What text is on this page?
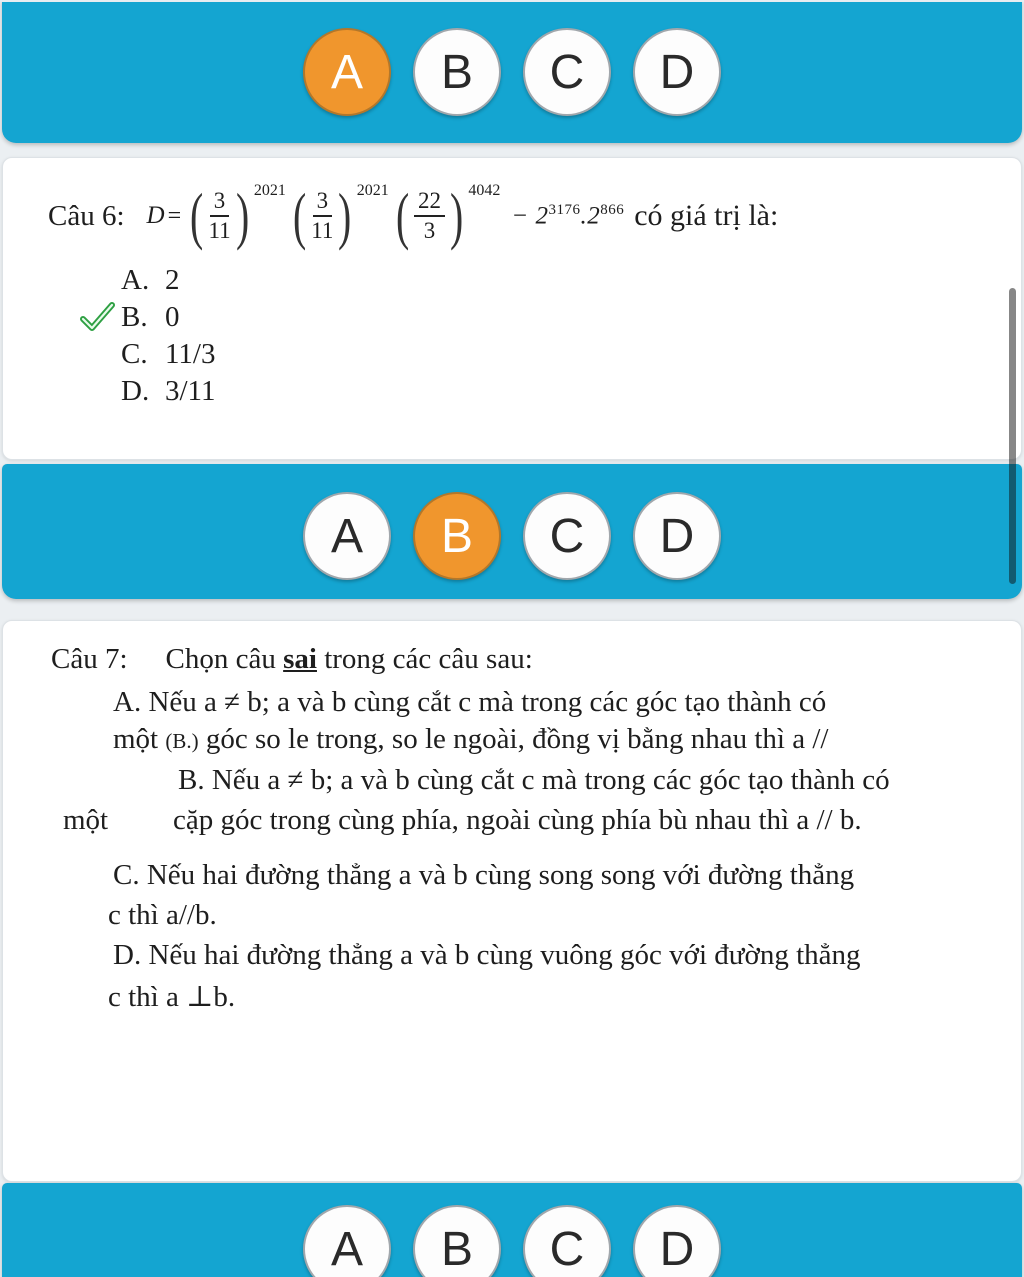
A	B	C	D
Câu 6: D = ( $\frac{3}{11}$ ) 2021 ( $\frac{3}{11}$ ) 2021 ( $\frac{22}{3}$ ) 4042
− $2^{3176}.2^{866}$ có giá trị là:
A. 2
B. 0
C. 11/3
D. 3/11
A	B	C	D
Câu 7: Chọn câu sai trong các câu sau:
A. Nếu a ≠ b; a và b cùng cắt c mà trong các góc tạo thành có
một (B.) góc so le trong, so le ngoài, đồng vị bằng nhau thì a //
B. Nếu a ≠ b; a và b cùng cắt c mà trong các góc tạo thành có
một cặp góc trong cùng phía, ngoài cùng phía bù nhau thì a // b.
C. Nếu hai đường thẳng a và b cùng song song với đường thẳng
c thì a//b.
D. Nếu hai đường thẳng a và b cùng vuông góc với đường thẳng
c thì a ⊥b.
A	B	C	D
